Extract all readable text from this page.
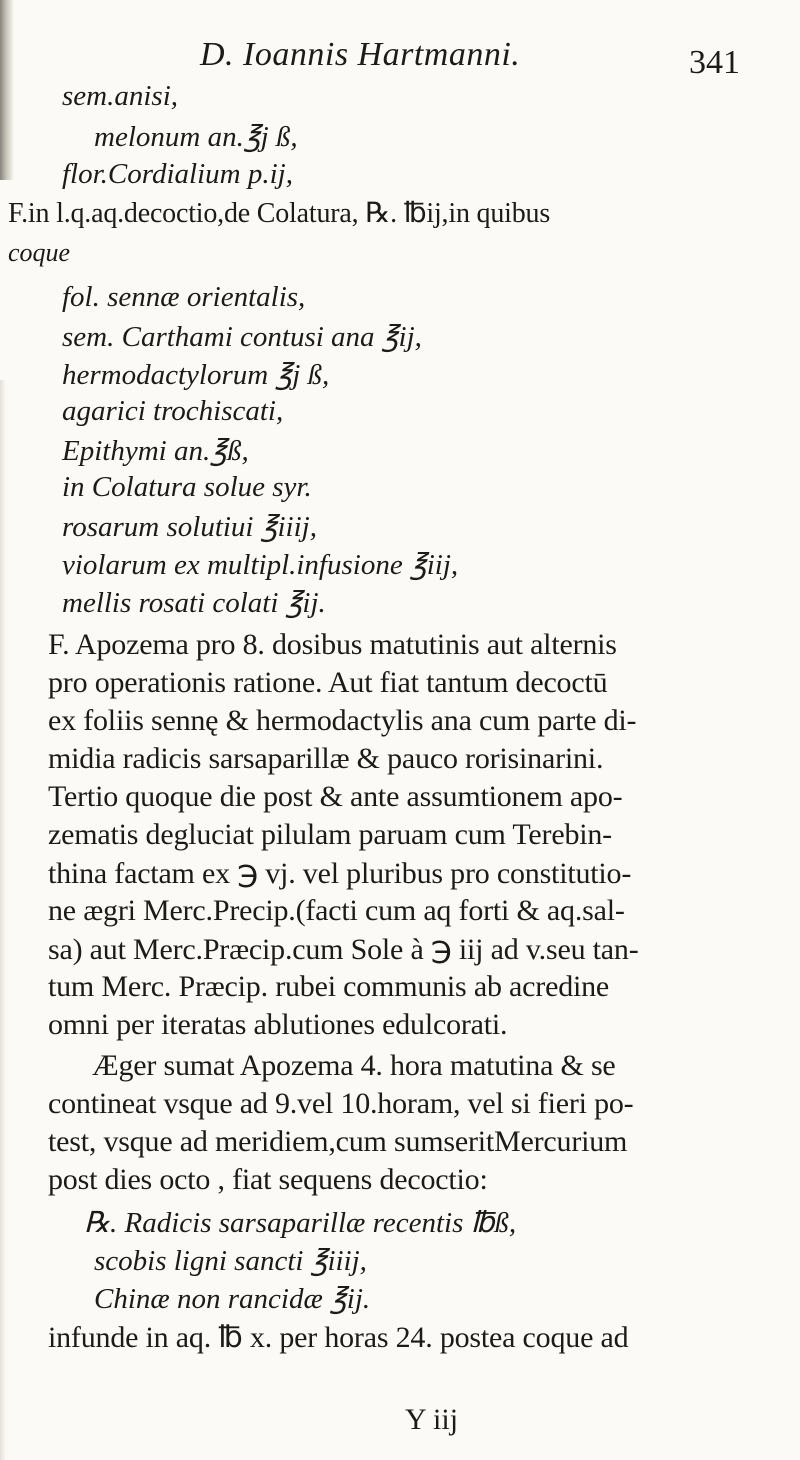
D. Ioannis Hartmanni.	341
sem.anisi,
melonum an.℥j ß,
flor.Cordialium p.ij,
F.in l.q.aq.decoctio,de Colatura, ℞. ℔ij,in quibus
coque
fol. sennæ orientalis,
sem. Carthami contusi ana ℥ij,
hermodactylorum ℥j ß,
agarici trochiscati,
Epithymi an.℥ß,
in Colatura solue syr.
rosarum solutiui ℥iiij,
violarum ex multipl.infusione ℥iij,
mellis rosati colati ℥ij.
F. Apozema pro 8. dosibus matutinis aut alternis
pro operationis ratione. Aut fiat tantum decoctū
ex foliis sennę & hermodactylis ana cum parte di-
midia radicis sarsaparillæ & pauco rorisinarini.
Tertio quoque die post & ante assumtionem apo-
zematis degluciat pilulam paruam cum Terebin-
thina factam ex ℈ vj. vel pluribus pro constitutio-
ne ægri Merc.Precip.(facti cum aq forti & aq.sal-
sa) aut Merc.Præcip.cum Sole à ℈ iij ad v.seu tan-
tum Merc. Præcip. rubei communis ab acredine
omni per iteratas ablutiones edulcorati.
Æger sumat Apozema 4. hora matutina & se
contineat vsque ad 9.vel 10.horam, vel si fieri po-
test, vsque ad meridiem,cum sumseritMercurium
post dies octo , fiat sequens decoctio:
℞. Radicis sarsaparillæ recentis ℔ß,
scobis ligni sancti ℥iiij,
Chinæ non rancidæ ℥ij.
infunde in aq. ℔ x. per horas 24. postea coque ad
Y iij
